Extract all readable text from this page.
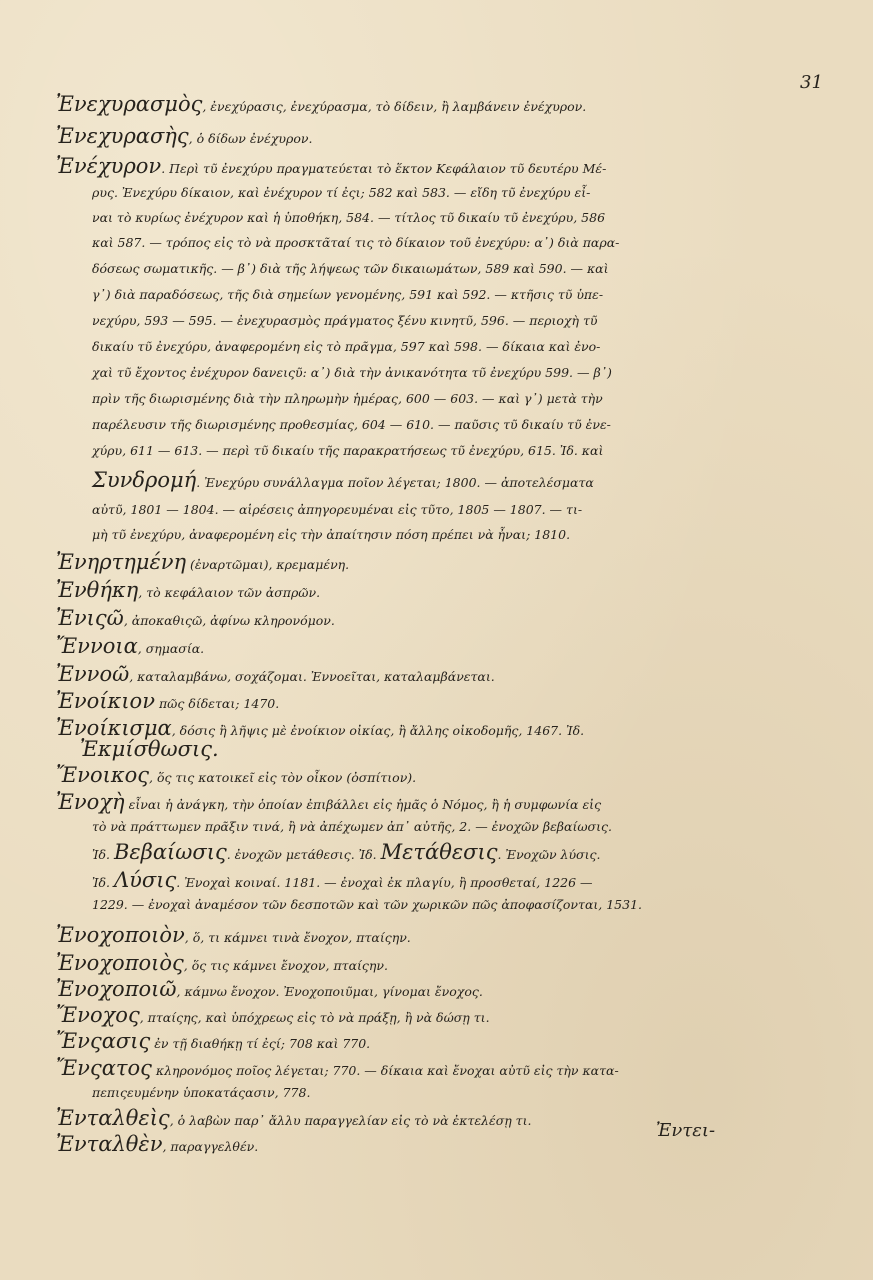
31
Ἐνεχυρασμὸς, ἐνεχύρασις, ἐνεχύρασμα, τὸ δίδειν, ἢ λαμβάνειν ἐνέχυρον.
Ἐνεχυρασὴς, ὁ δίδων ἐνέχυρον.
Ἐνέχυρον. Περὶ τῦ ἐνεχύρυ πραγματεύεται τὸ ἕκτον Κεφάλαιον τῦ δευτέρυ Μέ-
ρυς. Ἐνεχύρυ δίκαιον, καὶ ἐνέχυρον τί ἐςι; 582 καὶ 583. — εἴδη τῦ ἐνεχύρυ εἶ-
ναι τὸ κυρίως ἐνέχυρον καὶ ἡ ὑποθήκη, 584. — τίτλος τῦ δικαίυ τῦ ἐνεχύρυ, 586
καὶ 587. — τρόπος εἰς τὸ νὰ προσκτᾶταί τις τὸ δίκαιον τοῦ ἐνεχύρυ: α᾽) διὰ παρα-
δόσεως σωματικῆς. — β᾽) διὰ τῆς λήψεως τῶν δικαιωμάτων, 589 καὶ 590. — καὶ
γ᾽) διὰ παραδόσεως, τῆς διὰ σημείων γενομένης, 591 καὶ 592. — κτῆσις τῦ ὑπε-
νεχύρυ, 593 — 595. — ἐνεχυρασμὸς πράγματος ξένυ κινητῦ, 596. — περιοχὴ τῦ
δικαίυ τῦ ἐνεχύρυ, ἀναφερομένη εἰς τὸ πρᾶγμα, 597 καὶ 598. — δίκαια καὶ ἐνο-
χαὶ τῦ ἔχοντος ἐνέχυρον δανειςῦ: α᾽) διὰ τὴν ἀνικανότητα τῦ ἐνεχύρυ 599. — β᾽)
πρὶν τῆς διωρισμένης διὰ τὴν πληρωμὴν ἡμέρας, 600 — 603. — καὶ γ᾽) μετὰ τὴν
παρέλευσιν τῆς διωρισμένης προθεσμίας, 604 — 610. — παῦσις τῦ δικαίυ τῦ ἐνε-
χύρυ, 611 — 613. — περὶ τῦ δικαίυ τῆς παρακρατήσεως τῦ ἐνεχύρυ, 615. Ἰδ. καὶ
Συνδρομή. Ἐνεχύρυ συνάλλαγμα ποῖον λέγεται; 1800. — ἀποτελέσματα
αὐτῦ, 1801 — 1804. — αἱρέσεις ἀπηγορευμέναι εἰς τῦτο, 1805 — 1807. — τι-
μὴ τῦ ἐνεχύρυ, ἀναφερομένη εἰς τὴν ἀπαίτησιν πόση πρέπει νὰ ἦναι; 1810.
Ἐνηρτημένη (ἐναρτῶμαι), κρεμαμένη.
Ἐνθήκη, τὸ κεφάλαιον τῶν ἀσπρῶν.
Ἐνιςῶ, ἀποκαθιςῶ, ἀφίνω κληρονόμον.
Ἔννοια, σημασία.
Ἐννοῶ, καταλαμβάνω, σοχάζομαι. Ἐννοεῖται, καταλαμβάνεται.
Ἐνοίκιον πῶς δίδεται; 1470.
Ἐνοίκισμα, δόσις ἢ λῆψις μὲ ἐνοίκιον οἰκίας, ἢ ἄλλης οἰκοδομῆς, 1467. Ἰδ.
Ἐκμίσθωσις.
Ἔνοικος, ὅς τις κατοικεῖ εἰς τὸν οἶκον (ὀσπίτιον).
Ἐνοχὴ εἶναι ἡ ἀνάγκη, τὴν ὁποίαν ἐπιβάλλει εἰς ἡμᾶς ὁ Νόμος, ἢ ἡ συμφωνία εἰς
τὸ νὰ πράττωμεν πρᾶξιν τινά, ἢ νὰ ἀπέχωμεν ἀπ᾽ αὐτῆς, 2. — ἐνοχῶν βεβαίωσις.
Ἰδ. Βεβαίωσις. ἐνοχῶν μετάθεσις. Ἰδ. Μετάθεσις. Ἐνοχῶν λύσις.
Ἰδ. Λύσις. Ἐνοχαὶ κοιναί. 1181. — ἐνοχαὶ ἐκ πλαγίυ, ἢ προσθεταί, 1226 —
1229. — ἐνοχαὶ ἀναμέσον τῶν δεσποτῶν καὶ τῶν χωρικῶν πῶς ἀποφασίζονται, 1531.
Ἐνοχοποιὸν, ὅ, τι κάμνει τινὰ ἔνοχον, πταίςην.
Ἐνοχοποιὸς, ὅς τις κάμνει ἔνοχον, πταίςην.
Ἐνοχοποιῶ, κάμνω ἔνοχον. Ἐνοχοποιῦμαι, γίνομαι ἔνοχος.
Ἔνοχος, πταίςης, καὶ ὑπόχρεως εἰς τὸ νὰ πράξῃ, ἢ νὰ δώσῃ τι.
Ἔνςασις ἐν τῇ διαθήκῃ τί ἐςί; 708 καὶ 770.
Ἔνςατος κληρονόμος ποῖος λέγεται; 770. — δίκαια καὶ ἔνοχαι αὐτῦ εἰς τὴν κατα-
πεπιςευμένην ὑποκατάςασιν, 778.
Ἐνταλθεὶς, ὁ λαβὼν παρ᾽ ἄλλυ παραγγελίαν εἰς τὸ νὰ ἐκτελέσῃ τι.
Ἐνταλθὲν, παραγγελθέν.
Ἐντει-
